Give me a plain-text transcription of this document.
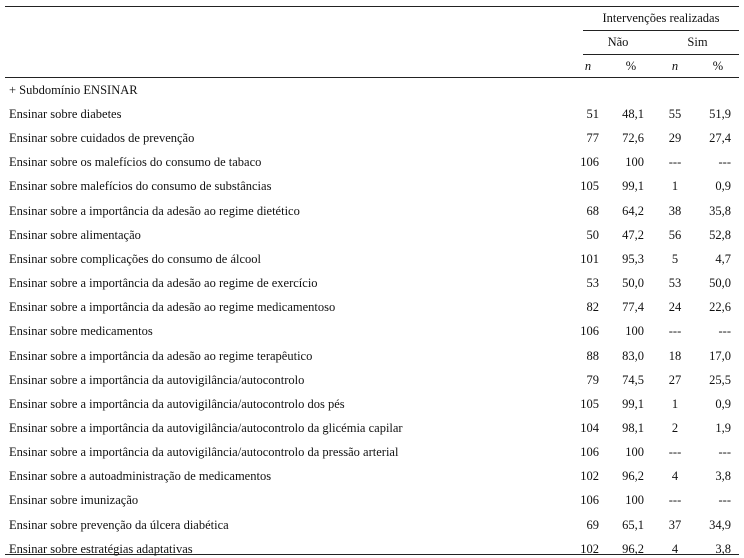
Intervenções realizadas
Não	Sim
n	%	n	%
+ Subdomínio ENSINAR
Ensinar sobre diabetes	51	48,1	55	51,9
Ensinar sobre cuidados de prevenção	77	72,6	29	27,4
Ensinar sobre os malefícios do consumo de tabaco	106	100	---	---
Ensinar sobre malefícios do consumo de substâncias	105	99,1	1	0,9
Ensinar sobre a importância da adesão ao regime dietético	68	64,2	38	35,8
Ensinar sobre alimentação	50	47,2	56	52,8
Ensinar sobre complicações do consumo de álcool	101	95,3	5	4,7
Ensinar sobre a importância da adesão ao regime de exercício	53	50,0	53	50,0
Ensinar sobre a importância da adesão ao regime medicamentoso	82	77,4	24	22,6
Ensinar sobre medicamentos	106	100	---	---
Ensinar sobre a importância da adesão ao regime terapêutico	88	83,0	18	17,0
Ensinar sobre a importância da autovigilância/autocontrolo	79	74,5	27	25,5
Ensinar sobre a importância da autovigilância/autocontrolo dos pés	105	99,1	1	0,9
Ensinar sobre a importância da autovigilância/autocontrolo da glicémia capilar	104	98,1	2	1,9
Ensinar sobre a importância da autovigilância/autocontrolo da pressão arterial	106	100	---	---
Ensinar sobre a autoadministração de medicamentos	102	96,2	4	3,8
Ensinar sobre imunização	106	100	---	---
Ensinar sobre prevenção da úlcera diabética	69	65,1	37	34,9
Ensinar sobre estratégias adaptativas	102	96,2	4	3,8
